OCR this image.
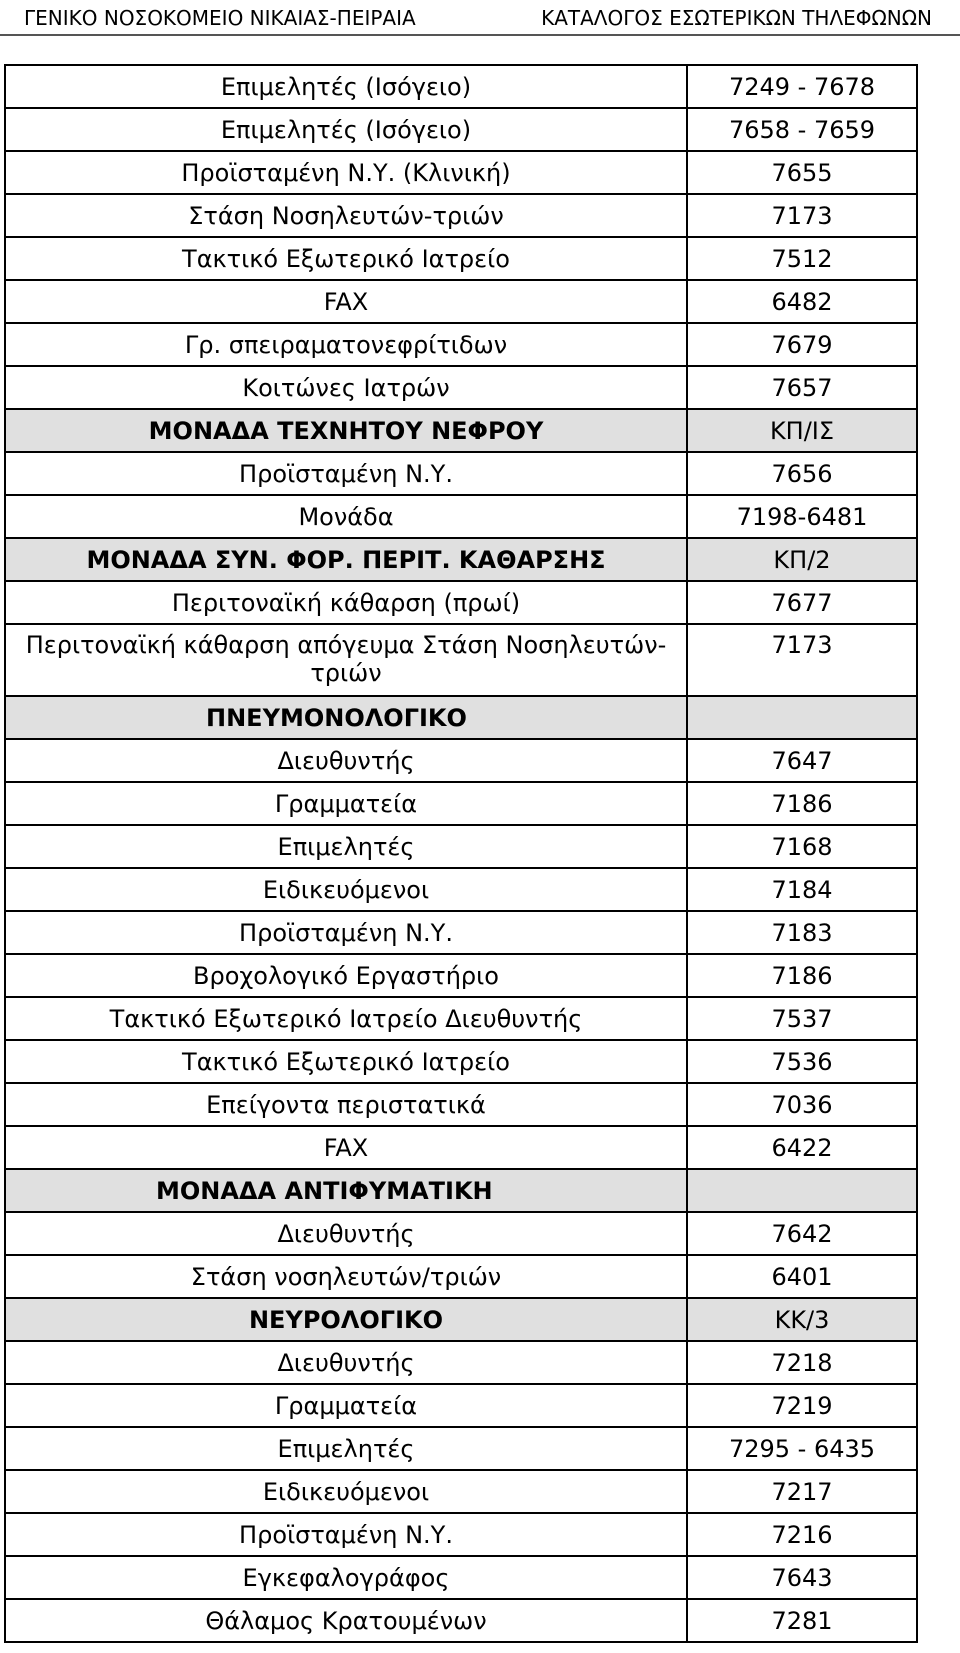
ΓΕΝΙΚΟ ΝΟΣΟΚΟΜΕΙΟ ΝΙΚΑΙΑΣ-ΠΕΙΡΑΙΑ	ΚΑΤΑΛΟΓΟΣ ΕΣΩΤΕΡΙΚΩΝ ΤΗΛΕΦΩΝΩΝ
Επιμελητές (Ισόγειο)	7249 - 7678
Επιμελητές (Ισόγειο)	7658 - 7659
Προϊσταμένη Ν.Υ. (Κλινική)	7655
Στάση Νοσηλευτών-τριών	7173
Τακτικό Εξωτερικό Ιατρείο	7512
FAX	6482
Γρ. σπειραματονεφρίτιδων	7679
Κοιτώνες Ιατρών	7657
ΜΟΝΑΔΑ ΤΕΧΝΗΤΟΥ ΝΕΦΡΟΥ	ΚΠ/ΙΣ
Προϊσταμένη Ν.Υ.	7656
Μονάδα	7198-6481
ΜΟΝΑΔΑ ΣΥΝ. ΦΟΡ. ΠΕΡΙΤ. ΚΑΘΑΡΣΗΣ	ΚΠ/2
Περιτοναϊκή κάθαρση (πρωί)	7677
Περιτοναϊκή κάθαρση απόγευμα Στάση Νοσηλευτών-τριών	7173
ΠΝΕΥΜΟΝΟΛΟΓΙΚΟ	
Διευθυντής	7647
Γραμματεία	7186
Επιμελητές	7168
Ειδικευόμενοι	7184
Προϊσταμένη Ν.Υ.	7183
Βροχολογικό Εργαστήριο	7186
Τακτικό Εξωτερικό Ιατρείο Διευθυντής	7537
Τακτικό Εξωτερικό Ιατρείο	7536
Επείγοντα περιστατικά	7036
FAX	6422
ΜΟΝΑΔΑ ΑΝΤΙΦΥΜΑΤΙΚΗ	
Διευθυντής	7642
Στάση νοσηλευτών/τριών	6401
ΝΕΥΡΟΛΟΓΙΚΟ	ΚΚ/3
Διευθυντής	7218
Γραμματεία	7219
Επιμελητές	7295 - 6435
Ειδικευόμενοι	7217
Προϊσταμένη Ν.Υ.	7216
Εγκεφαλογράφος	7643
Θάλαμος Κρατουμένων	7281
